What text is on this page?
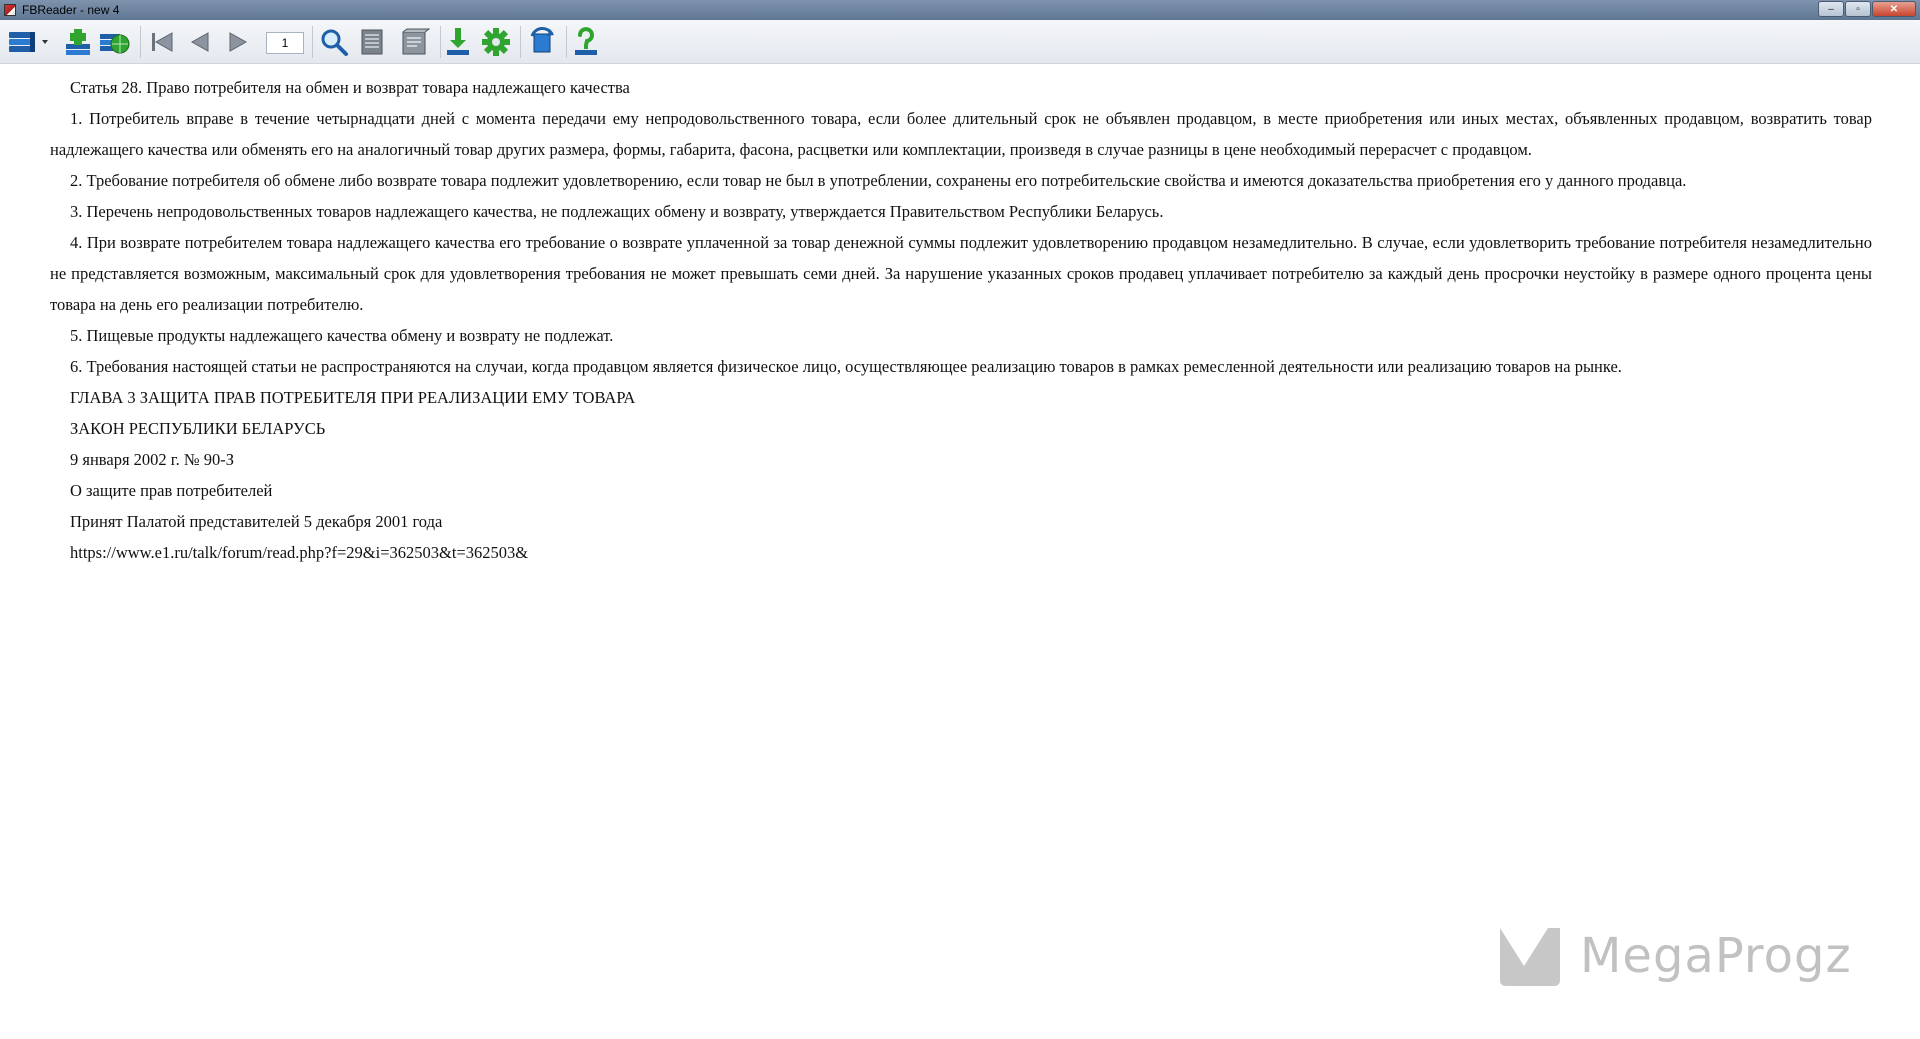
FBReader - new 4	–	▫	✕
1

Статья 28. Право потребителя на обмен и возврат товара надлежащего качества

1. Потребитель вправе в течение четырнадцати дней с момента передачи ему непродовольственного товара, если более длительный срок не объявлен продавцом, в месте приобретения или иных местах, объявленных продавцом, возвратить товар надлежащего качества или обменять его на аналогичный товар других размера, формы, габарита, фасона, расцветки или комплектации, произведя в случае разницы в цене необходимый перерасчет с продавцом.

2. Требование потребителя об обмене либо возврате товара подлежит удовлетворению, если товар не был в употреблении, сохранены его потребительские свойства и имеются доказательства приобретения его у данного продавца.

3. Перечень непродовольственных товаров надлежащего качества, не подлежащих обмену и возврату, утверждается Правительством Республики Беларусь.

4. При возврате потребителем товара надлежащего качества его требование о возврате уплаченной за товар денежной суммы подлежит удовлетворению продавцом незамедлительно. В случае, если удовлетворить требование потребителя незамедлительно не представляется возможным, максимальный срок для удовлетворения требования не может превышать семи дней. За нарушение указанных сроков продавец уплачивает потребителю за каждый день просрочки неустойку в размере одного процента цены товара на день его реализации потребителю.

5. Пищевые продукты надлежащего качества обмену и возврату не подлежат.

6. Требования настоящей статьи не распространяются на случаи, когда продавцом является физическое лицо, осуществляющее реализацию товаров в рамках ремесленной деятельности или реализацию товаров на рынке.

ГЛАВА 3 ЗАЩИТА ПРАВ ПОТРЕБИТЕЛЯ ПРИ РЕАЛИЗАЦИИ ЕМУ ТОВАРА

ЗАКОН РЕСПУБЛИКИ БЕЛАРУСЬ

9 января 2002 г. № 90-З

О защите прав потребителей

Принят Палатой представителей 5 декабря 2001 года

https://www.e1.ru/talk/forum/read.php?f=29&i=362503&t=362503&

MegaProgz
